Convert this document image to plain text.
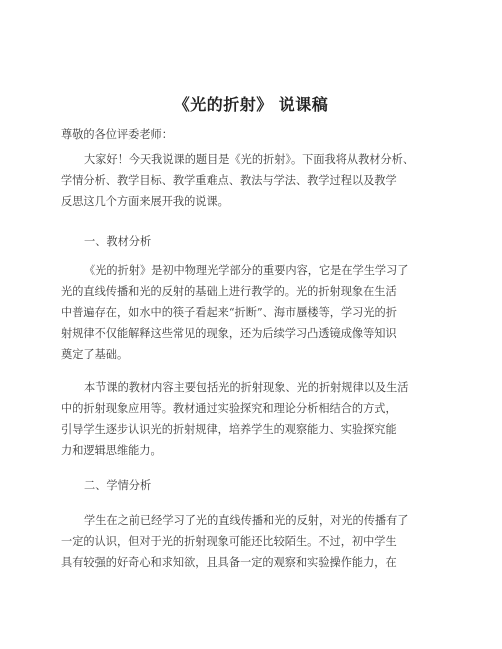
《光的折射》 说课稿

尊敬的各位评委老师：

大家好！今天我说课的题目是《光的折射》。下面我将从教材分析、

学情分析、教学目标、教学重难点、教法与学法、教学过程以及教学

反思这几个方面来展开我的说课。

一、教材分析

《光的折射》是初中物理光学部分的重要内容，它是在学生学习了

光的直线传播和光的反射的基础上进行教学的。光的折射现象在生活

中普遍存在，如水中的筷子看起来“折断”、海市蜃楼等，学习光的折

射规律不仅能解释这些常见的现象，还为后续学习凸透镜成像等知识

奠定了基础。

本节课的教材内容主要包括光的折射现象、光的折射规律以及生活

中的折射现象应用等。教材通过实验探究和理论分析相结合的方式，

引导学生逐步认识光的折射规律，培养学生的观察能力、实验探究能

力和逻辑思维能力。

二、学情分析

学生在之前已经学习了光的直线传播和光的反射，对光的传播有了

一定的认识，但对于光的折射现象可能还比较陌生。不过，初中学生

具有较强的好奇心和求知欲，且具备一定的观察和实验操作能力，在
